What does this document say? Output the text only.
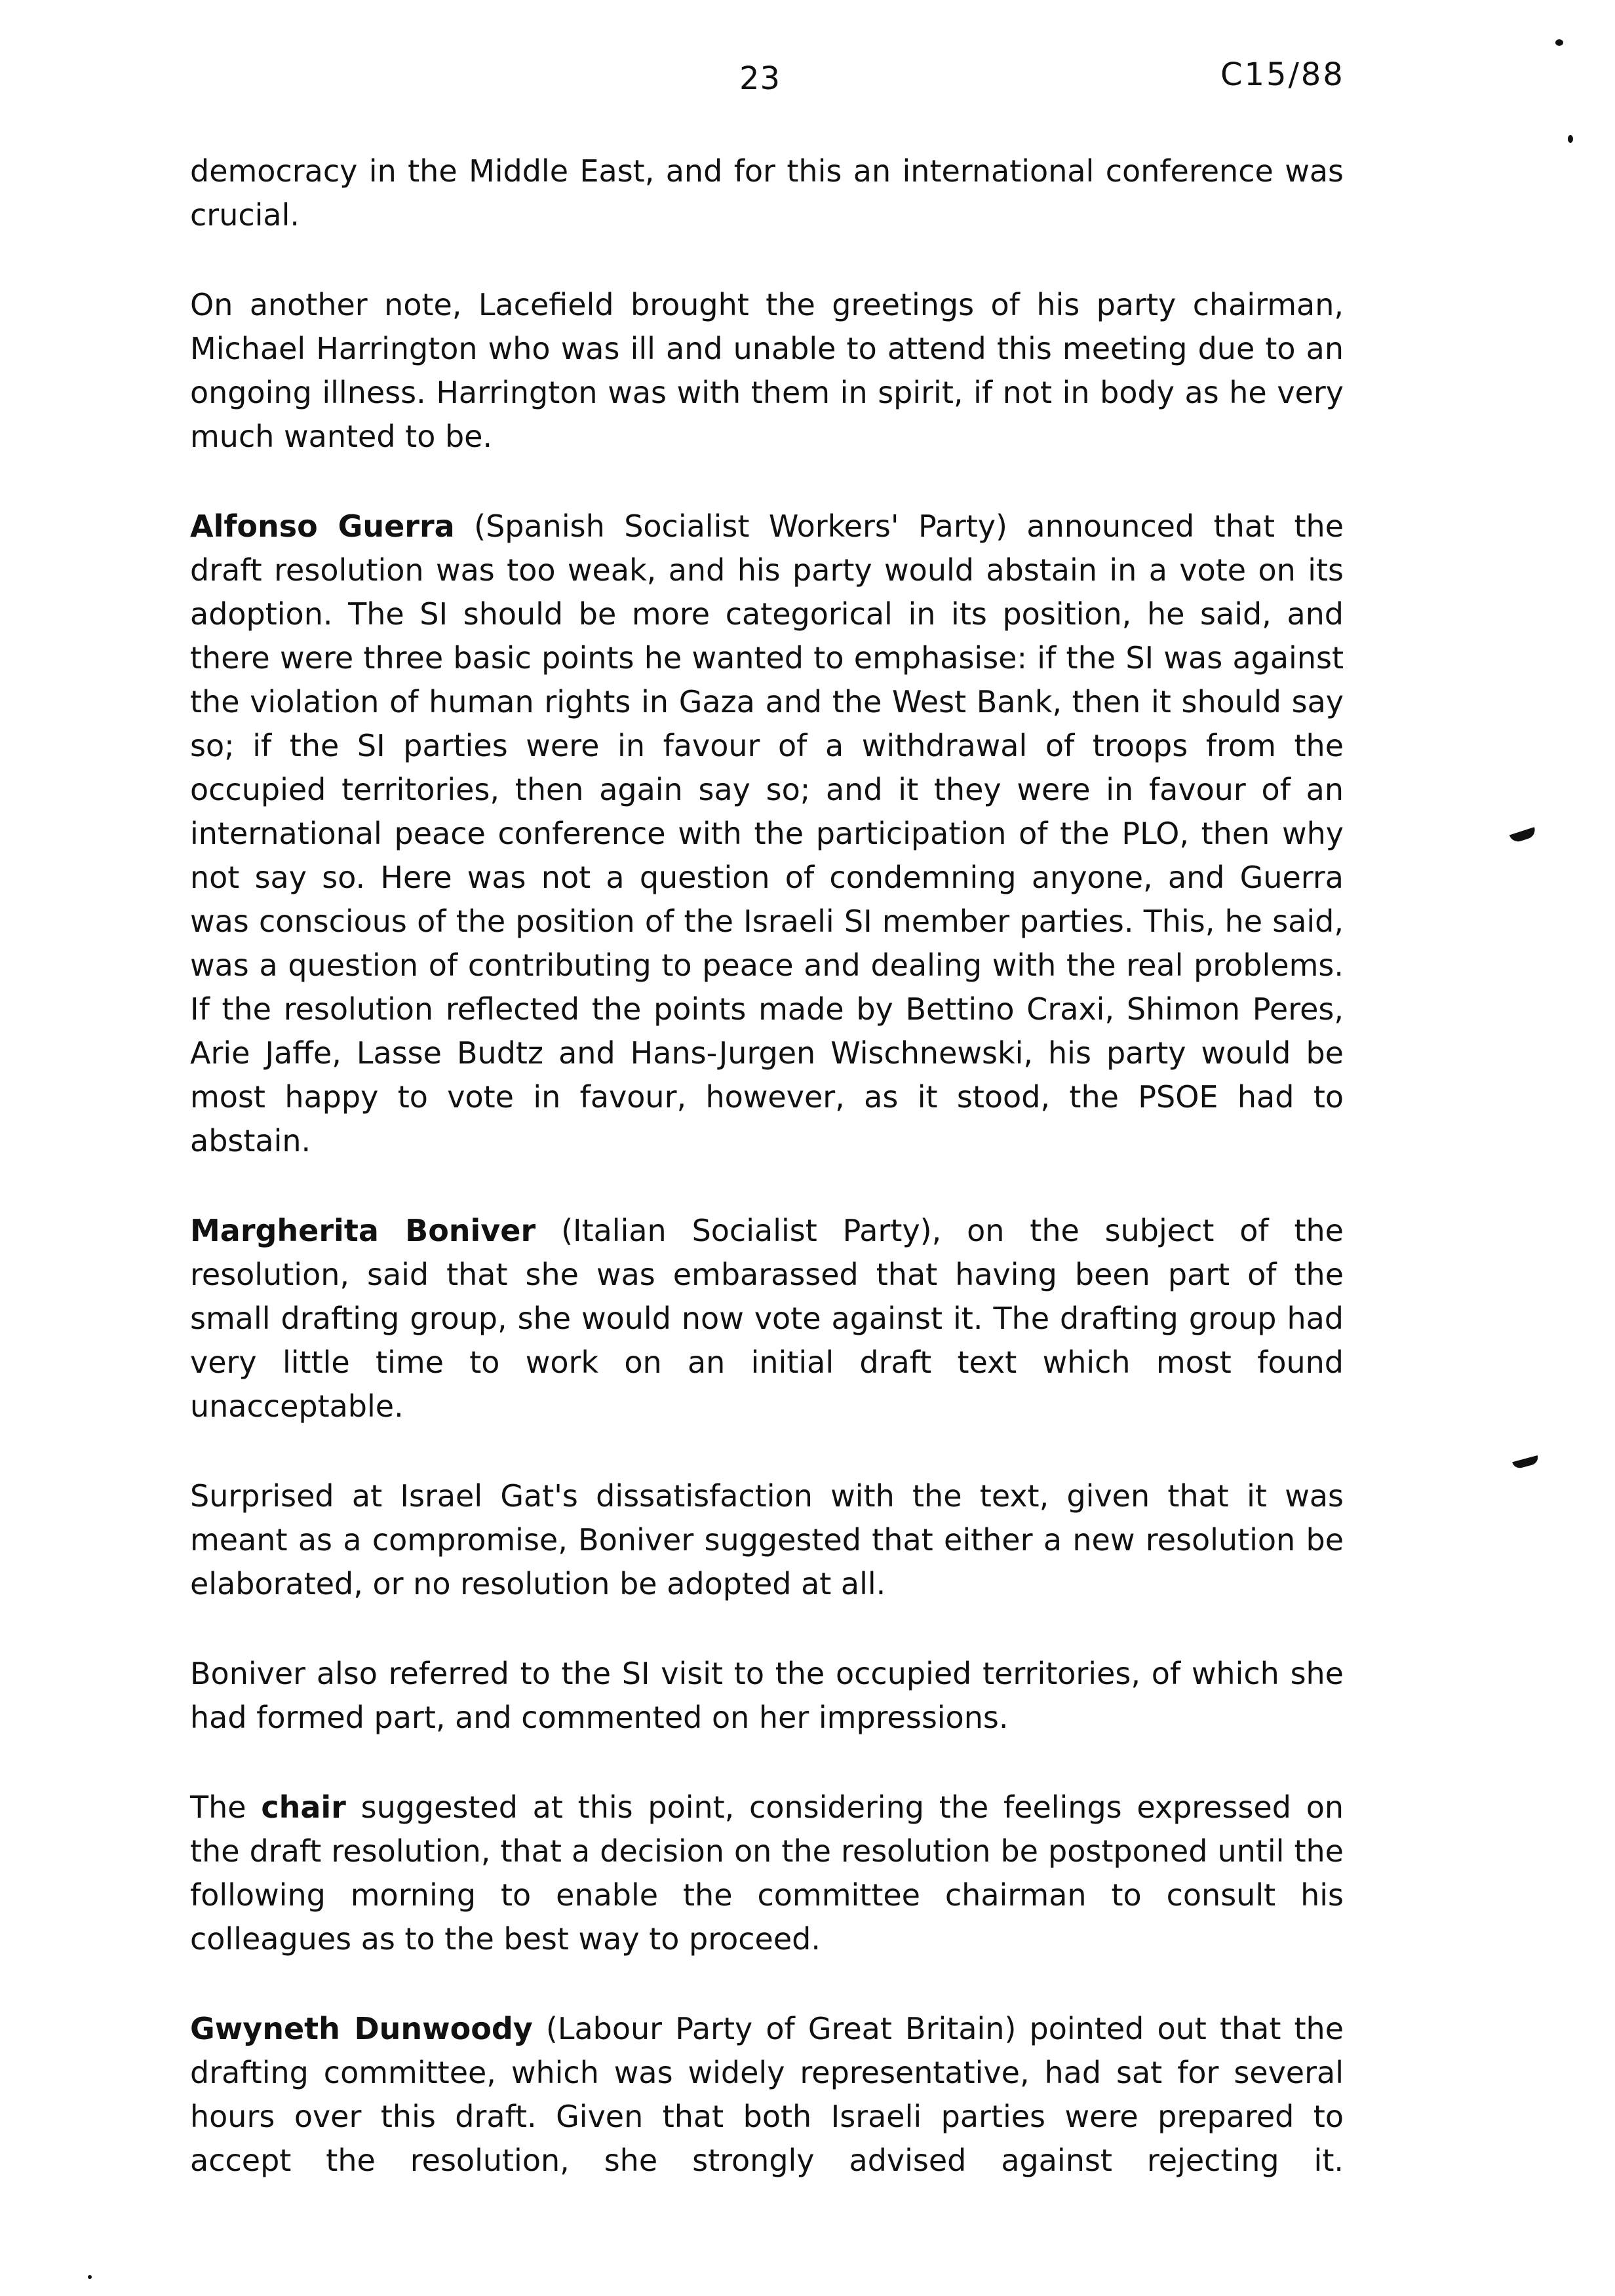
23	C15/88

democracy in the Middle East, and for this an international conference was crucial.

On another note, Lacefield brought the greetings of his party chairman, Michael Harrington who was ill and unable to attend this meeting due to an ongoing illness. Harrington was with them in spirit, if not in body as he very much wanted to be.

Alfonso Guerra (Spanish Socialist Workers' Party) announced that the draft resolution was too weak, and his party would abstain in a vote on its adoption. The SI should be more categorical in its position, he said, and there were three basic points he wanted to emphasise: if the SI was against the violation of human rights in Gaza and the West Bank, then it should say so; if the SI parties were in favour of a withdrawal of troops from the occupied territories, then again say so; and it they were in favour of an international peace conference with the participation of the PLO, then why not say so. Here was not a question of condemning anyone, and Guerra was conscious of the position of the Israeli SI member parties. This, he said, was a question of contributing to peace and dealing with the real problems. If the resolution reflected the points made by Bettino Craxi, Shimon Peres, Arie Jaffe, Lasse Budtz and Hans-Jurgen Wischnewski, his party would be most happy to vote in favour, however, as it stood, the PSOE had to abstain.

Margherita Boniver (Italian Socialist Party), on the subject of the resolution, said that she was embarassed that having been part of the small drafting group, she would now vote against it. The drafting group had very little time to work on an initial draft text which most found unacceptable.

Surprised at Israel Gat's dissatisfaction with the text, given that it was meant as a compromise, Boniver suggested that either a new resolution be elaborated, or no resolution be adopted at all.

Boniver also referred to the SI visit to the occupied territories, of which she had formed part, and commented on her impressions.

The chair suggested at this point, considering the feelings expressed on the draft resolution, that a decision on the resolution be postponed until the following morning to enable the committee chairman to consult his colleagues as to the best way to proceed.

Gwyneth Dunwoody (Labour Party of Great Britain) pointed out that the drafting committee, which was widely representative, had sat for several hours over this draft. Given that both Israeli parties were prepared to accept the resolution, she strongly advised against rejecting it.
